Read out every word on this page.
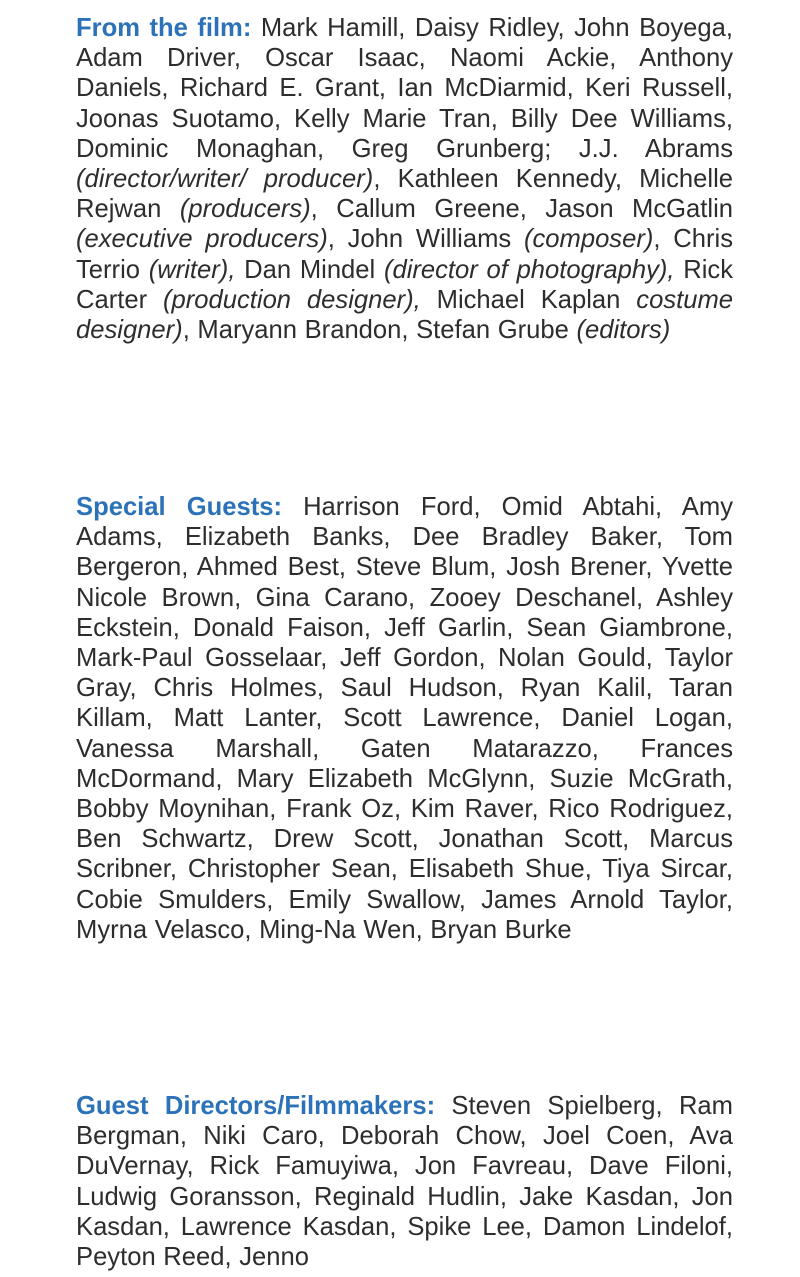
From the film: Mark Hamill, Daisy Ridley, John Boyega, Adam Driver, Oscar Isaac, Naomi Ackie, Anthony Daniels, Richard E. Grant, Ian McDiarmid, Keri Russell, Joonas Suotamo, Kelly Marie Tran, Billy Dee Williams, Dominic Monaghan, Greg Grunberg; J.J. Abrams (director/writer/ producer), Kathleen Kennedy, Michelle Rejwan (producers), Callum Greene, Jason McGatlin (executive producers), John Williams (composer), Chris Terrio (writer), Dan Mindel (director of photography), Rick Carter (production designer), Michael Kaplan costume designer), Maryann Brandon, Stefan Grube (editors)

Special Guests: Harrison Ford, Omid Abtahi, Amy Adams, Elizabeth Banks, Dee Bradley Baker, Tom Bergeron, Ahmed Best, Steve Blum, Josh Brener, Yvette Nicole Brown, Gina Carano, Zooey Deschanel, Ashley Eckstein, Donald Faison, Jeff Garlin, Sean Giambrone, Mark-Paul Gosselaar, Jeff Gordon, Nolan Gould, Taylor Gray, Chris Holmes, Saul Hudson, Ryan Kalil, Taran Killam, Matt Lanter, Scott Lawrence, Daniel Logan, Vanessa Marshall, Gaten Matarazzo, Frances McDormand, Mary Elizabeth McGlynn, Suzie McGrath, Bobby Moynihan, Frank Oz, Kim Raver, Rico Rodriguez, Ben Schwartz, Drew Scott, Jonathan Scott, Marcus Scribner, Christopher Sean, Elisabeth Shue, Tiya Sircar, Cobie Smulders, Emily Swallow, James Arnold Taylor, Myrna Velasco, Ming-Na Wen, Bryan Burke

Guest Directors/Filmmakers: Steven Spielberg, Ram Bergman, Niki Caro, Deborah Chow, Joel Coen, Ava DuVernay, Rick Famuyiwa, Jon Favreau, Dave Filoni, Ludwig Goransson, Reginald Hudlin, Jake Kasdan, Jon Kasdan, Lawrence Kasdan, Spike Lee, Damon Lindelof, Peyton Reed, Jenno
